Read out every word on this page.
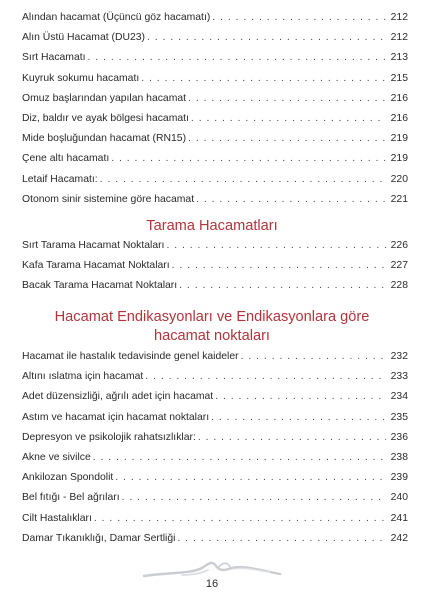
Alından hacamat (Üçüncü göz hacamatı) . . .	212
Alın Üstü Hacamat (DU23) . . .	212
Sırt Hacamatı . . .	213
Kuyruk sokumu hacamatı . . .	215
Omuz başlarından yapılan hacamat . . .	216
Diz, baldır ve ayak bölgesi hacamatı . . .	216
Mide boşluğundan hacamat (RN15) . . .	219
Çene altı hacamatı . . .	219
Letaif Hacamatı: . . .	220
Otonom sinir sistemine göre hacamat . . .	221
Tarama Hacamatları
Sırt Tarama Hacamat Noktaları . . .	226
Kafa Tarama Hacamat Noktaları . . .	227
Bacak Tarama Hacamat Noktaları . . .	228
Hacamat Endikasyonları ve Endikasyonlara göre
hacamat noktaları
Hacamat ile hastalık tedavisinde genel kaideler . . .	232
Altını ıslatma için hacamat . . .	233
Adet düzensizliği, ağrılı adet için hacamat . . .	234
Astım ve hacamat için hacamat noktaları . . .	235
Depresyon ve psikolojik rahatsızlıklar: . . .	236
Akne ve sivilce . . .	238
Ankilozan Spondolit . . .	239
Bel fıtığı - Bel ağrıları . . .	240
Cilt Hastalıkları . . .	241
Damar Tıkanıklığı, Damar Sertliği . . .	242
16
